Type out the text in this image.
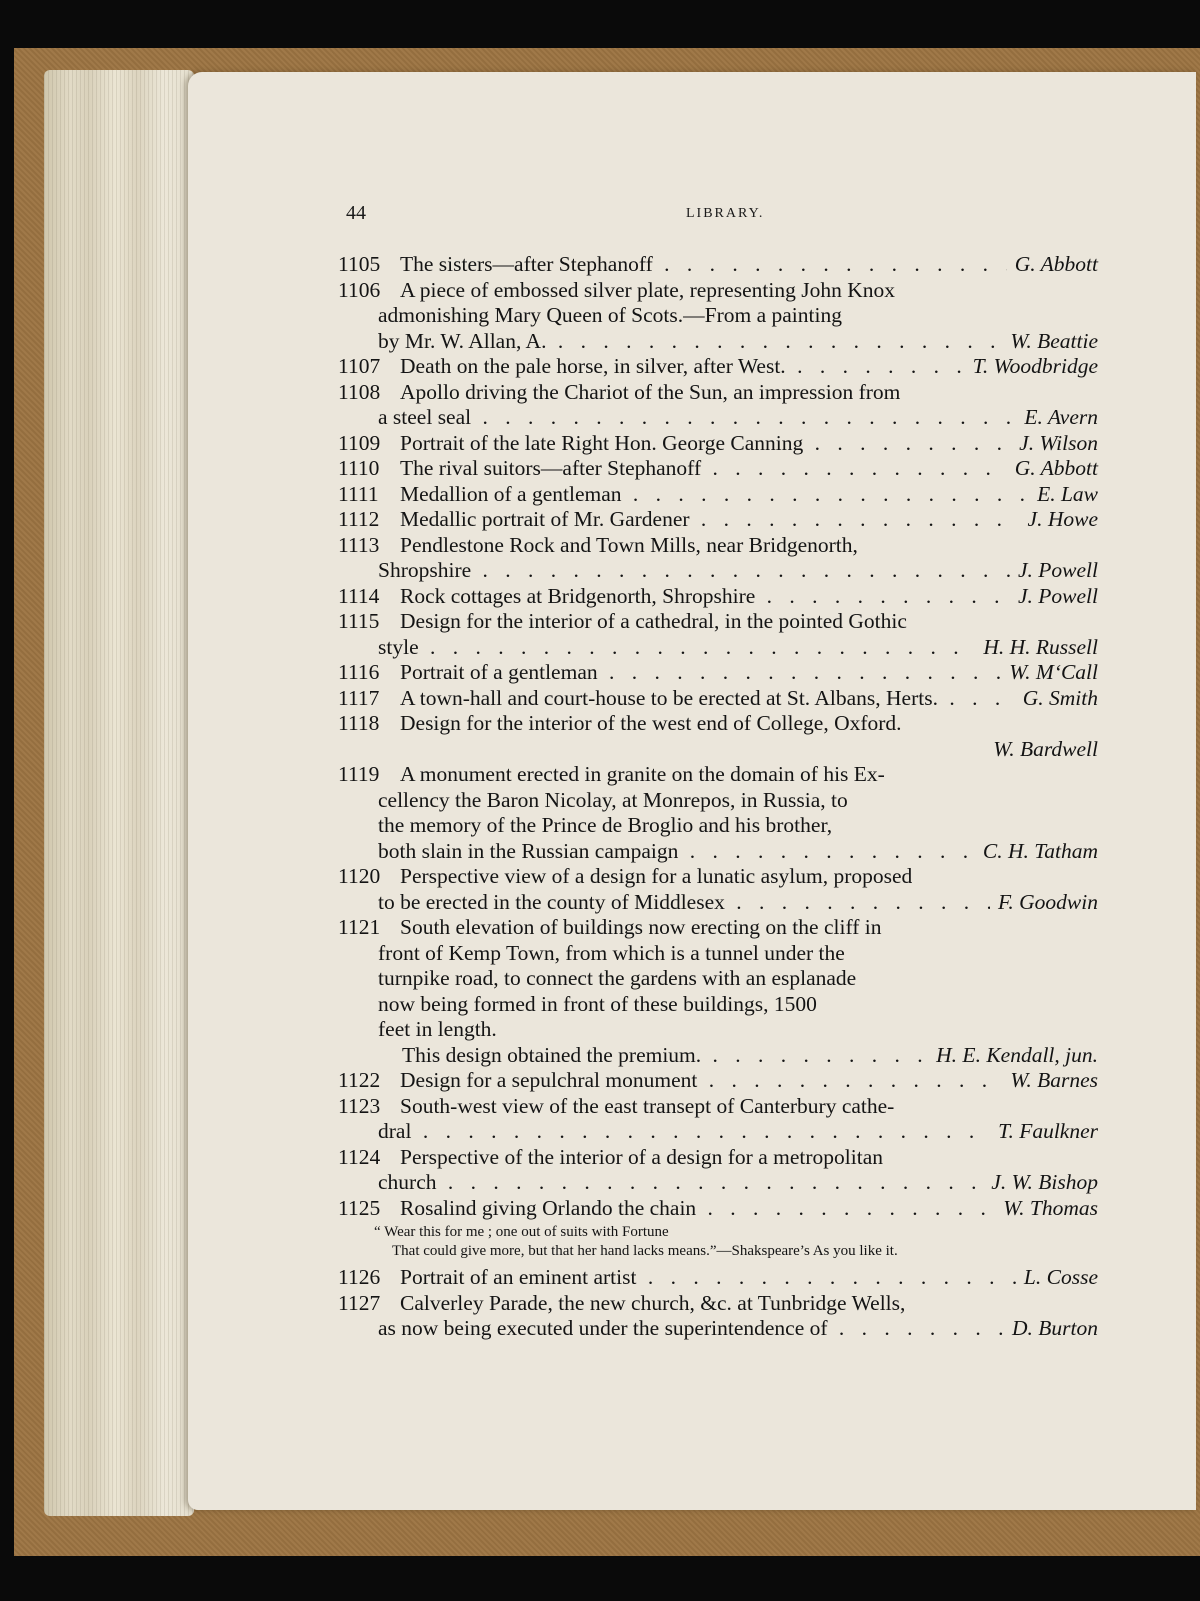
44	LIBRARY.
1105 The sisters—after Stephanoff . . .	G. Abbott
1106 A piece of embossed silver plate, representing John Knox
admonishing Mary Queen of Scots.—From a painting
by Mr. W. Allan, A. . . .	W. Beattie
1107 Death on the pale horse, in silver, after West. . . .	T. Woodbridge
1108 Apollo driving the Chariot of the Sun, an impression from
a steel seal . . .	E. Avern
1109 Portrait of the late Right Hon. George Canning . . .	J. Wilson
1110 The rival suitors—after Stephanoff . . .	G. Abbott
1111 Medallion of a gentleman . . .	E. Law
1112 Medallic portrait of Mr. Gardener . . .	J. Howe
1113 Pendlestone Rock and Town Mills, near Bridgenorth,
Shropshire . . .	J. Powell
1114 Rock cottages at Bridgenorth, Shropshire . . .	J. Powell
1115 Design for the interior of a cathedral, in the pointed Gothic
style . . .	H. H. Russell
1116 Portrait of a gentleman . . .	W. M‘Call
1117 A town-hall and court-house to be erected at St. Albans, Herts. . . .	G. Smith
1118 Design for the interior of the west end of College, Oxford.
W. Bardwell
1119 A monument erected in granite on the domain of his Ex-
cellency the Baron Nicolay, at Monrepos, in Russia, to
the memory of the Prince de Broglio and his brother,
both slain in the Russian campaign . . .	C. H. Tatham
1120 Perspective view of a design for a lunatic asylum, proposed
to be erected in the county of Middlesex . . .	F. Goodwin
1121 South elevation of buildings now erecting on the cliff in
front of Kemp Town, from which is a tunnel under the
turnpike road, to connect the gardens with an esplanade
now being formed in front of these buildings, 1500
feet in length.
This design obtained the premium. . . .	H. E. Kendall, jun.
1122 Design for a sepulchral monument . . .	W. Barnes
1123 South-west view of the east transept of Canterbury cathe-
dral . . .	T. Faulkner
1124 Perspective of the interior of a design for a metropolitan
church . . .	J. W. Bishop
1125 Rosalind giving Orlando the chain . . .	W. Thomas
“ Wear this for me ; one out of suits with Fortune
That could give more, but that her hand lacks means.”—Shakspeare’s As you like it.
1126 Portrait of an eminent artist . . .	L. Cosse
1127 Calverley Parade, the new church, &c. at Tunbridge Wells,
as now being executed under the superintendence of . . .	D. Burton
